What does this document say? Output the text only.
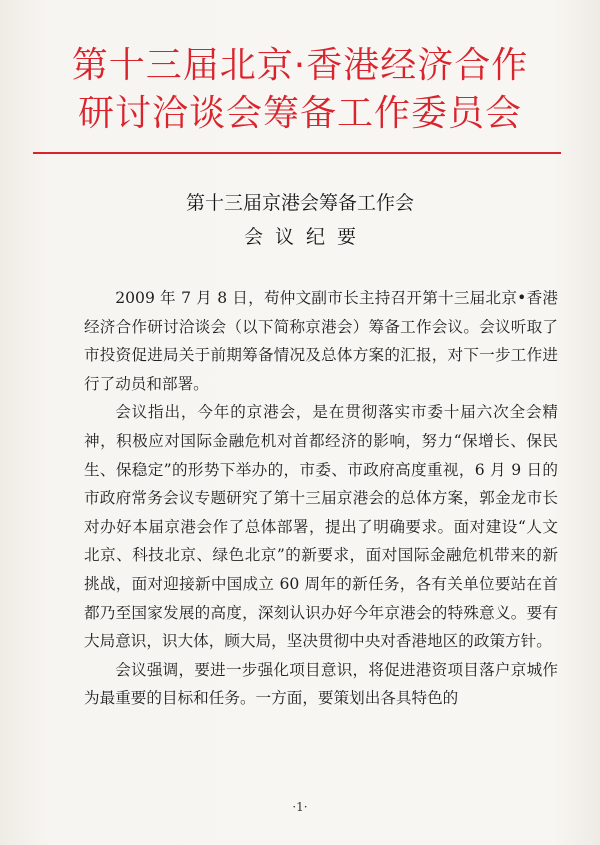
第十三届北京·香港经济合作
研讨洽谈会筹备工作委员会
第十三届京港会筹备工作会
会议纪要

2009 年 7 月 8 日，苟仲文副市长主持召开第十三届北京•香港经济合作研讨洽谈会（以下简称京港会）筹备工作会议。会议听取了市投资促进局关于前期筹备情况及总体方案的汇报，对下一步工作进行了动员和部署。

会议指出，今年的京港会，是在贯彻落实市委十届六次全会精神，积极应对国际金融危机对首都经济的影响，努力“保增长、保民生、保稳定”的形势下举办的，市委、市政府高度重视，6 月 9 日的市政府常务会议专题研究了第十三届京港会的总体方案，郭金龙市长对办好本届京港会作了总体部署，提出了明确要求。面对建设“人文北京、科技北京、绿色北京”的新要求，面对国际金融危机带来的新挑战，面对迎接新中国成立 60 周年的新任务，各有关单位要站在首都乃至国家发展的高度，深刻认识办好今年京港会的特殊意义。要有大局意识，识大体，顾大局，坚决贯彻中央对香港地区的政策方针。

会议强调，要进一步强化项目意识，将促进港资项目落户京城作为最重要的目标和任务。一方面，要策划出各具特色的

·1·
